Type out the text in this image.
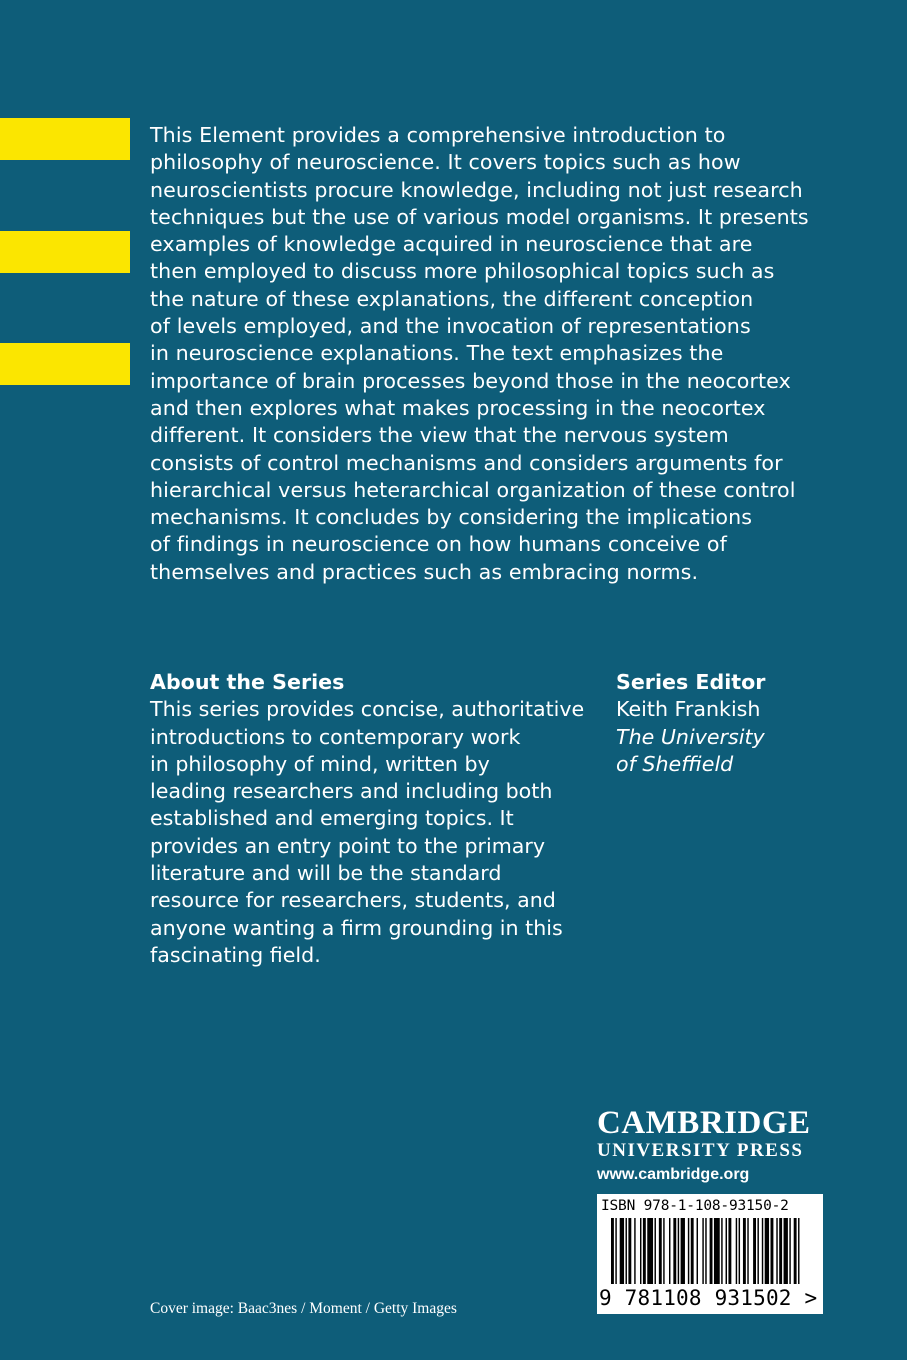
This Element provides a comprehensive introduction to
philosophy of neuroscience. It covers topics such as how
neuroscientists procure knowledge, including not just research
techniques but the use of various model organisms. It presents
examples of knowledge acquired in neuroscience that are
then employed to discuss more philosophical topics such as
the nature of these explanations, the different conception
of levels employed, and the invocation of representations
in neuroscience explanations. The text emphasizes the
importance of brain processes beyond those in the neocortex
and then explores what makes processing in the neocortex
different. It considers the view that the nervous system
consists of control mechanisms and considers arguments for
hierarchical versus heterarchical organization of these control
mechanisms. It concludes by considering the implications
of findings in neuroscience on how humans conceive of
themselves and practices such as embracing norms.

About the Series

This series provides concise, authoritative
introductions to contemporary work
in philosophy of mind, written by
leading researchers and including both
established and emerging topics. It
provides an entry point to the primary
literature and will be the standard
resource for researchers, students, and
anyone wanting a firm grounding in this
fascinating field.

Series Editor

Keith Frankish

The University

of Sheffield

CAMBRIDGE

UNIVERSITY PRESS

www.cambridge.org

ISBN 978-1-108-93150-2
9 781108 931502 >

Cover image: Baac3nes / Moment / Getty Images
